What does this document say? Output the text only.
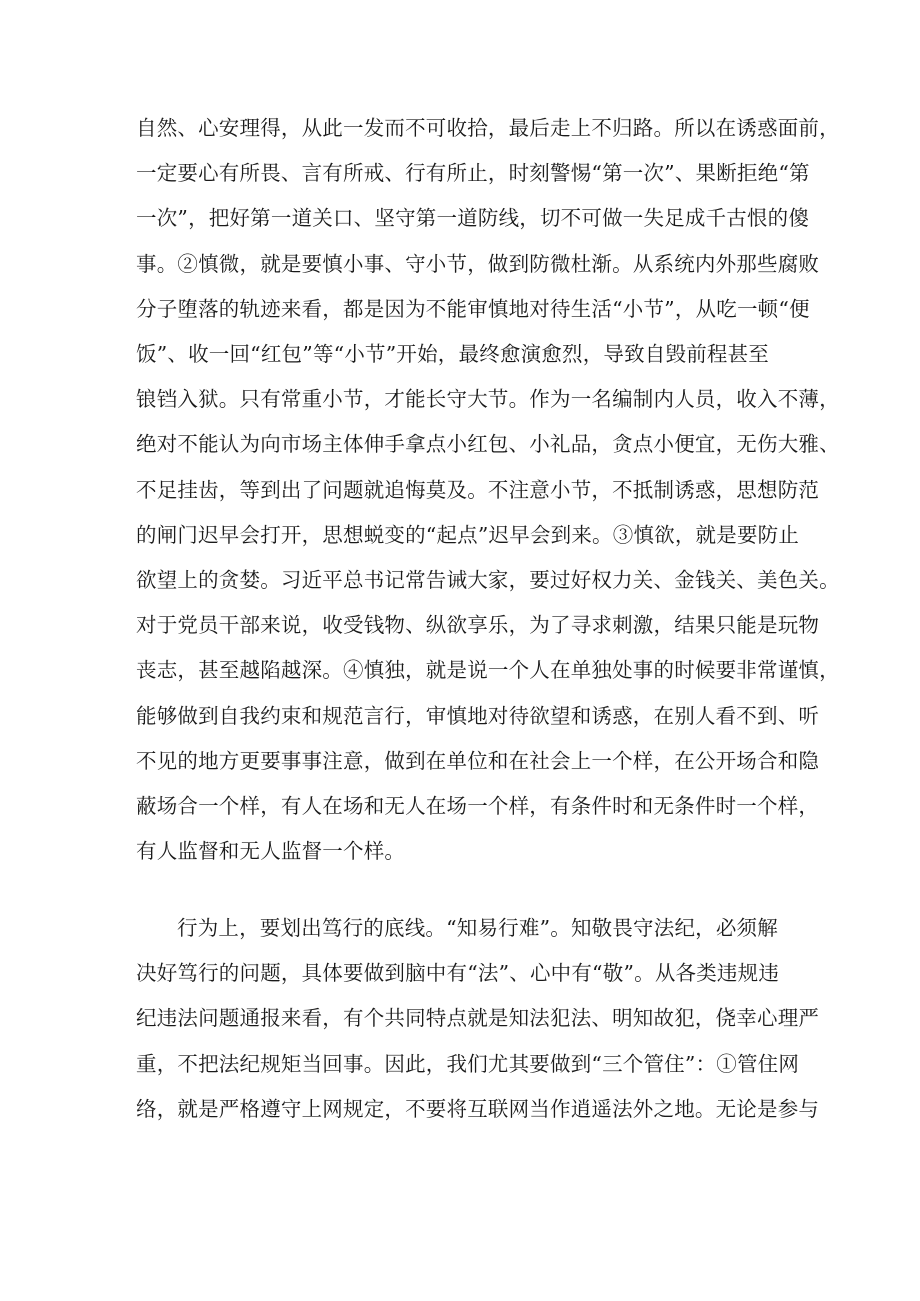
自然、心安理得，从此一发而不可收拾，最后走上不归路。所以在诱惑面前，
一定要心有所畏、言有所戒、行有所止，时刻警惕“第一次”、果断拒绝“第
一次”，把好第一道关口、坚守第一道防线，切不可做一失足成千古恨的傻
事。②慎微，就是要慎小事、守小节，做到防微杜渐。从系统内外那些腐败
分子堕落的轨迹来看，都是因为不能审慎地对待生活“小节”，从吃一顿“便
饭”、收一回“红包”等“小节”开始，最终愈演愈烈，导致自毁前程甚至
锒铛入狱。只有常重小节，才能长守大节。作为一名编制内人员，收入不薄，
绝对不能认为向市场主体伸手拿点小红包、小礼品，贪点小便宜，无伤大雅、
不足挂齿，等到出了问题就追悔莫及。不注意小节，不抵制诱惑，思想防范
的闸门迟早会打开，思想蜕变的“起点”迟早会到来。③慎欲，就是要防止
欲望上的贪婪。习近平总书记常告诫大家，要过好权力关、金钱关、美色关。
对于党员干部来说，收受钱物、纵欲享乐，为了寻求刺激，结果只能是玩物
丧志，甚至越陷越深。④慎独，就是说一个人在单独处事的时候要非常谨慎，
能够做到自我约束和规范言行，审慎地对待欲望和诱惑，在别人看不到、听
不见的地方更要事事注意，做到在单位和在社会上一个样，在公开场合和隐
蔽场合一个样，有人在场和无人在场一个样，有条件时和无条件时一个样，
有人监督和无人监督一个样。
行为上，要划出笃行的底线。“知易行难”。知敬畏守法纪，必须解
决好笃行的问题，具体要做到脑中有“法”、心中有“敬”。从各类违规违
纪违法问题通报来看，有个共同特点就是知法犯法、明知故犯，侥幸心理严
重，不把法纪规矩当回事。因此，我们尤其要做到“三个管住”：①管住网
络，就是严格遵守上网规定，不要将互联网当作逍遥法外之地。无论是参与
